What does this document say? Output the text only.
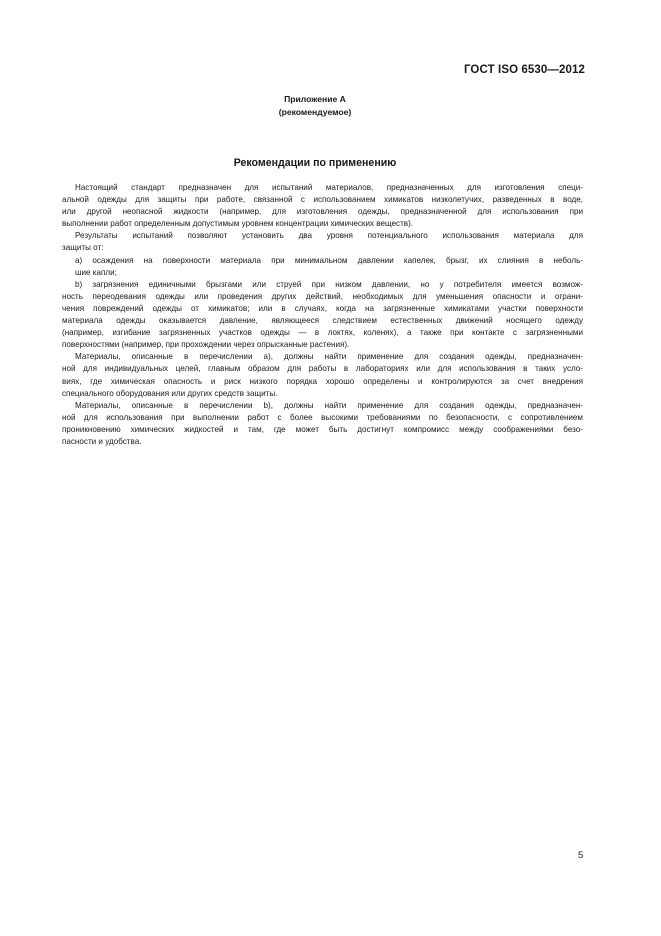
ГОСТ ISO 6530—2012
Приложение А
(рекомендуемое)
Рекомендации по применению
Настоящий стандарт предназначен для испытаний материалов, предназначенных для изготовления специ-
альной одежды для защиты при работе, связанной с использованием химикатов низколетучих, разведенных в воде,
или другой неопасной жидкости (например, для изготовления одежды, предназначенной для использования при
выполнении работ определенным допустимым уровнем концентрации химических веществ).
Результаты испытаний позволяют установить два уровня потенциального использования материала для
защиты от:
a) осаждения на поверхности материала при минимальном давлении капелек, брызг, их слияния в неболь-
шие капли;
b) загрязнения единичными брызгами или струей при низком давлении, но у потребителя имеется возмож-
ность переодевания одежды или проведения других действий, необходимых для уменьшения опасности и ограни-
чения повреждений одежды от химикатов; или в случаях, когда на загрязненные химикатами участки поверхности
материала одежды оказывается давление, являющееся следствием естественных движений носящего одежду
(например, изгибание загрязненных участков одежды — в локтях, коленях), а также при контакте с загрязненными
поверхностями (например, при прохождении через опрысканные растения).
Материалы, описанные в перечислении а), должны найти применение для создания одежды, предназначен-
ной для индивидуальных целей, главным образом для работы в лабораториях или для использования в таких усло-
виях, где химическая опасность и риск низкого порядка хорошо определены и контролируются за счет внедрения
специального оборудования или других средств защиты.
Материалы, описанные в перечислении b), должны найти применение для создания одежды, предназначен-
ной для использования при выполнении работ с более высокими требованиями по безопасности, с сопротивлением
проникновению химических жидкостей и там, где может быть достигнут компромисс между соображениями безо-
пасности и удобства.
5
